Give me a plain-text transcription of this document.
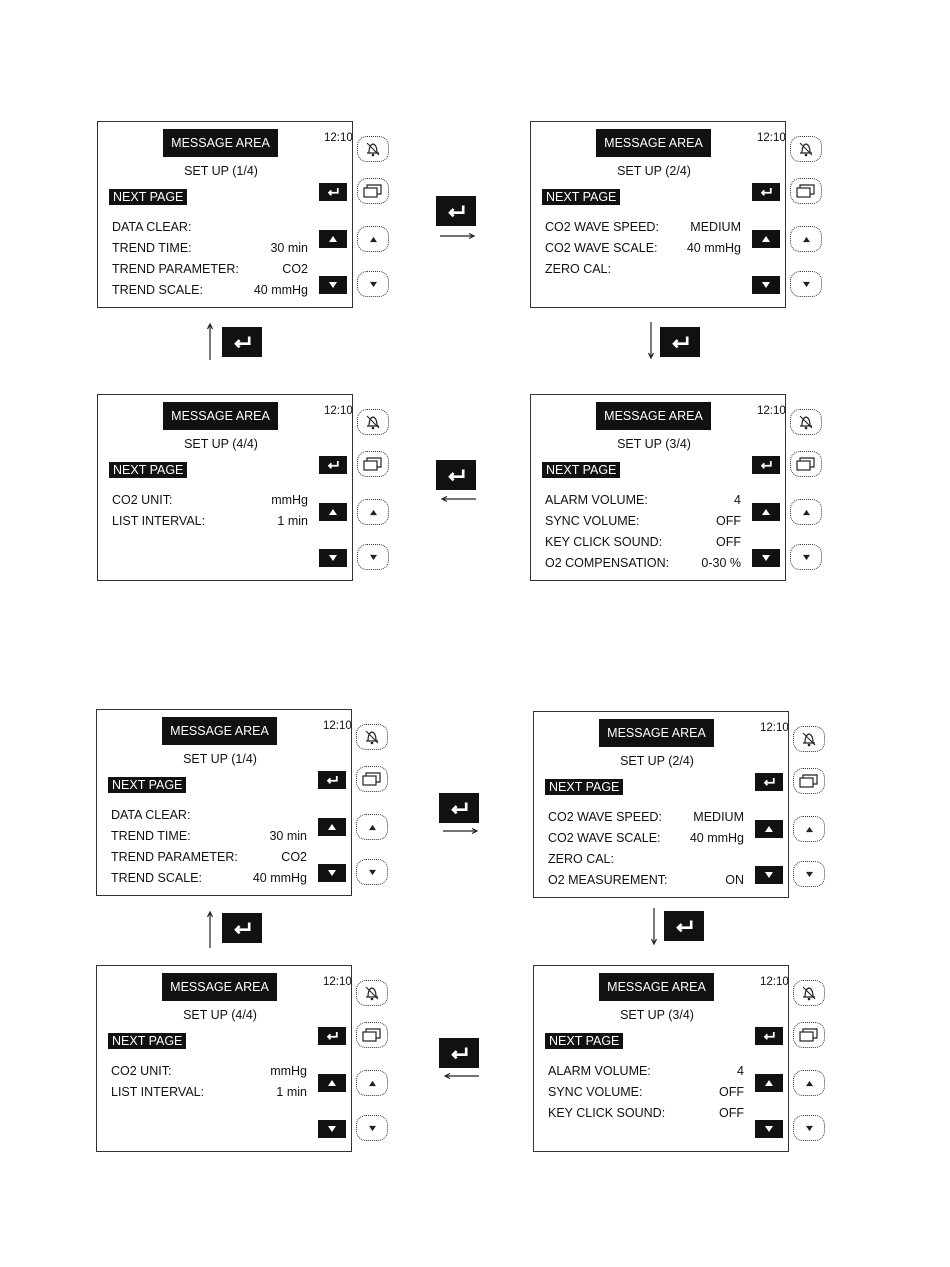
MESSAGE AREA	12:10
SET UP (1/4)
NEXT PAGE
DATA CLEAR:
TREND TIME:	30 min
TREND PARAMETER:	CO2
TREND SCALE:	40 mmHg
MESSAGE AREA	12:10
SET UP (2/4)
NEXT PAGE
CO2 WAVE SPEED:	MEDIUM
CO2 WAVE SCALE: 40 mmHg
ZERO CAL:
MESSAGE AREA	12:10
SET UP (4/4)
NEXT PAGE
CO2 UNIT:	mmHg
LIST INTERVAL:	1 min
MESSAGE AREA	12:10
SET UP (3/4)
NEXT PAGE
ALARM VOLUME:	4
SYNC VOLUME:	OFF
KEY CLICK SOUND:	OFF
O2 COMPENSATION:	0-30 %
MESSAGE AREA	12:10
SET UP (1/4)
NEXT PAGE
DATA CLEAR:
TREND TIME:	30 min
TREND PARAMETER:	CO2
TREND SCALE:	40 mmHg
MESSAGE AREA	12:10
SET UP (2/4)
NEXT PAGE
CO2 WAVE SPEED:	MEDIUM
CO2 WAVE SCALE: 40 mmHg
ZERO CAL:
O2 MEASUREMENT:	ON
MESSAGE AREA	12:10
SET UP (4/4)
NEXT PAGE
CO2 UNIT:	mmHg
LIST INTERVAL:	1 min
MESSAGE AREA	12:10
SET UP (3/4)
NEXT PAGE
ALARM VOLUME:	4
SYNC VOLUME:	OFF
KEY CLICK SOUND:	OFF
